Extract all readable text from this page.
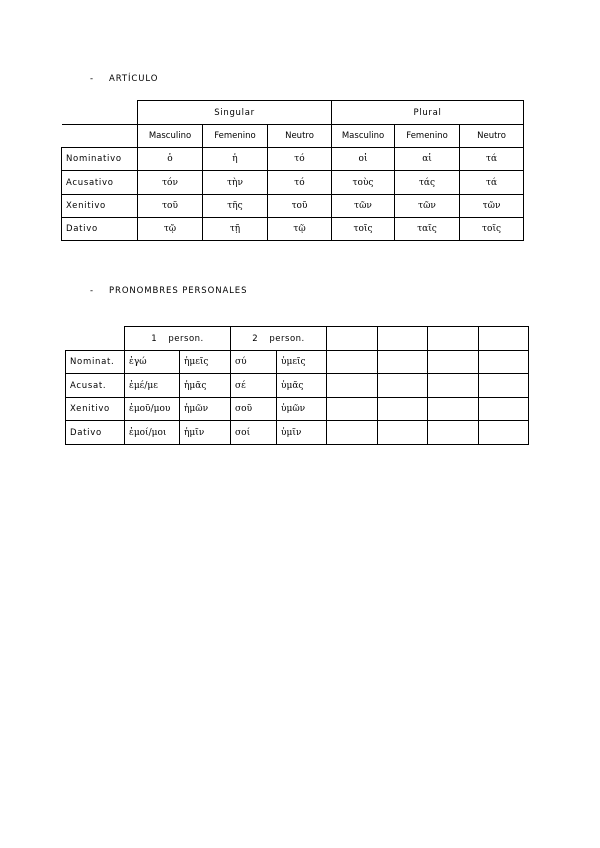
- ARTÍCULO
	Singular			Plural		
	Masculino	Femenino	Neutro	Masculino	Femenino	Neutro
Nominativo	ὁ	ἡ	τό	οἱ	αἱ	τά
Acusativo	τόν	τὴν	τό	τοὺς	τάς	τά
Xenitivo	τοῦ	τῆς	τοῦ	τῶν	τῶν	τῶν
Dativo	τῷ	τῇ	τῷ	τοῖς	ταῖς	τοῖς
- PRONOMBRES PERSONALES
	1 person.		2 person.					
Nominat.	ἐγώ	ἡμεῖς	σύ	ὑμεῖς				
Acusat.	ἐμέ/με	ἡμᾶς	σέ	ὑμᾶς				
Xenitivo	ἐμοῦ/μου	ἡμῶν	σοῦ	ὑμῶν				
Dativo	ἐμοί/μοι	ἡμῖν	σοί	ὑμῖν				
